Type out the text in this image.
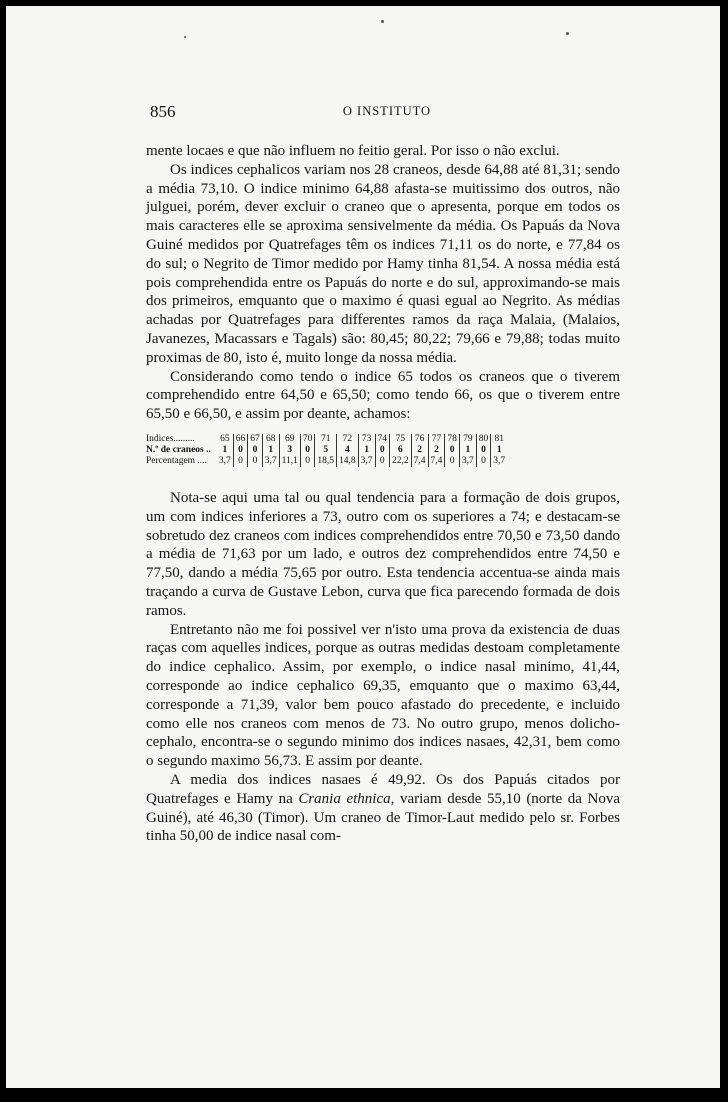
856	O INSTITUTO

mente locaes e que não influem no feitio geral. Por isso o não exclui.

Os indices cephalicos variam nos 28 craneos, desde 64,88 até 81,31; sendo a média 73,10. O indice minimo 64,88 afasta-se muitissimo dos outros, não julguei, porém, dever excluir o craneo que o apresenta, porque em todos os mais caracteres elle se aproxima sensivelmente da média. Os Papuás da Nova Guiné medidos por Quatrefages têm os indices 71,11 os do norte, e 77,84 os do sul; o Negrito de Timor medido por Hamy tinha 81,54. A nossa média está pois comprehendida entre os Papuás do norte e do sul, approximando-se mais dos primeiros, emquanto que o maximo é quasi egual ao Negrito. As médias achadas por Quatrefages para differentes ramos da raça Malaia, (Malaios, Javanezes, Macassars e Tagals) são: 80,45; 80,22; 79,66 e 79,88; todas muito proximas de 80, isto é, muito longe da nossa média.

Considerando como tendo o indice 65 todos os craneos que o tiverem comprehendido entre 64,50 e 65,50; como tendo 66, os que o tiverem entre 65,50 e 66,50, e assim por deante, achamos:

Indices.........	65	66	67	68	69	70	71	72	73	74	75	76	77	78	79	80	81
N.º de craneos ..	1	0	0	1	3	0	5	4	1	0	6	2	2	0	1	0	1
Percentagem ....	3,7	0	0	3,7	11,1	0	18,5	14,8	3,7	0	22,2	7,4	7,4	0	3,7	0	3,7

Nota-se aqui uma tal ou qual tendencia para a formação de dois grupos, um com indices inferiores a 73, outro com os superiores a 74; e destacam-se sobretudo dez craneos com indices comprehendidos entre 70,50 e 73,50 dando a média de 71,63 por um lado, e outros dez comprehendidos entre 74,50 e 77,50, dando a média 75,65 por outro. Esta tendencia accentua-se ainda mais traçando a curva de Gustave Lebon, curva que fica parecendo formada de dois ramos.

Entretanto não me foi possivel ver n'isto uma prova da existencia de duas raças com aquelles indices, porque as outras medidas destoam completamente do indice cephalico. Assim, por exemplo, o indice nasal minimo, 41,44, corresponde ao indice cephalico 69,35, emquanto que o maximo 63,44, corresponde a 71,39, valor bem pouco afastado do precedente, e incluido como elle nos craneos com menos de 73. No outro grupo, menos dolicho-cephalo, encontra-se o segundo minimo dos indices nasaes, 42,31, bem como o segundo maximo 56,73. E assim por deante.

A media dos indices nasaes é 49,92. Os dos Papuás citados por Quatrefages e Hamy na Crania ethnica, variam desde 55,10 (norte da Nova Guiné), até 46,30 (Timor). Um craneo de Timor-Laut medido pelo sr. Forbes tinha 50,00 de indice nasal com-
